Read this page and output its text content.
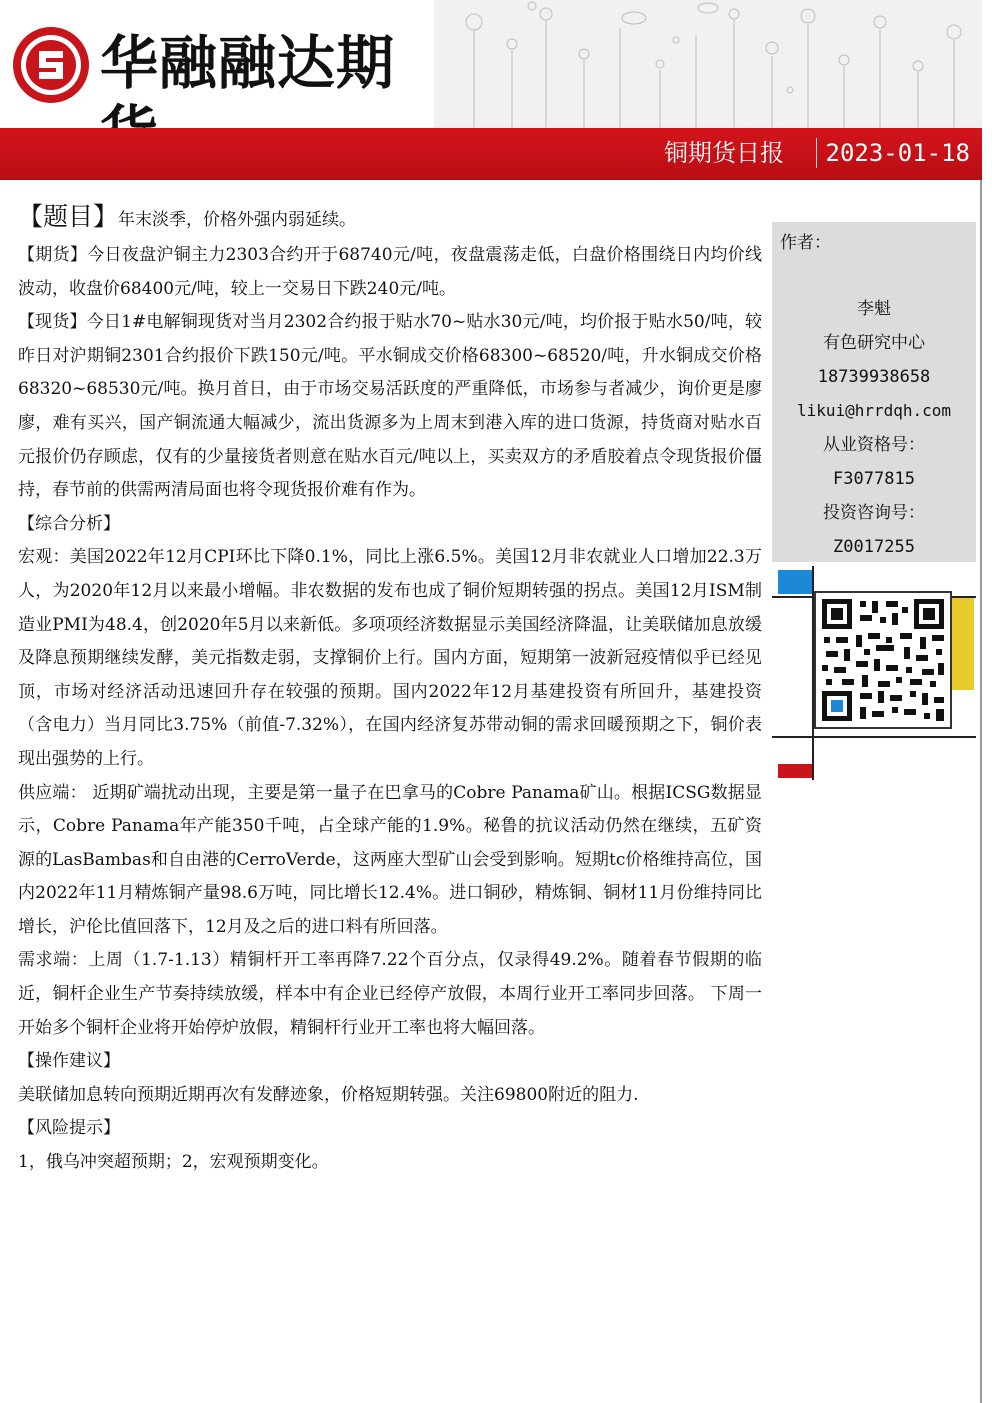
华融融达期
铜期货日报 2023-01-18

【题目】年末淡季，价格外强内弱延续。

【期货】今日夜盘沪铜主力2303合约开于68740元/吨，夜盘震荡走低，白盘价格围绕日内均价线波动，收盘价68400元/吨，较上一交易日下跌240元/吨。

【现货】今日1#电解铜现货对当月2302合约报于贴水70~贴水30元/吨，均价报于贴水50/吨，较昨日对沪期铜2301合约报价下跌150元/吨。平水铜成交价格68300~68520/吨，升水铜成交价格68320~68530元/吨。换月首日，由于市场交易活跃度的严重降低，市场参与者减少，询价更是廖廖，难有买兴，国产铜流通大幅减少，流出货源多为上周末到港入库的进口货源，持货商对贴水百元报价仍存顾虑，仅有的少量接货者则意在贴水百元/吨以上，买卖双方的矛盾胶着点令现货报价僵持，春节前的供需两清局面也将令现货报价难有作为。

【综合分析】

宏观：美国2022年12月CPI环比下降0.1%，同比上涨6.5%。美国12月非农就业人口增加22.3万人，为2020年12月以来最小增幅。非农数据的发布也成了铜价短期转强的拐点。美国12月ISM制造业PMI为48.4，创2020年5月以来新低。多项项经济数据显示美国经济降温，让美联储加息放缓及降息预期继续发酵，美元指数走弱，支撑铜价上行。国内方面，短期第一波新冠疫情似乎已经见顶，市场对经济活动迅速回升存在较强的预期。国内2022年12月基建投资有所回升，基建投资（含电力）当月同比3.75%（前值-7.32%），在国内经济复苏带动铜的需求回暖预期之下，铜价表现出强势的上行。

供应端： 近期矿端扰动出现，主要是第一量子在巴拿马的Cobre Panama矿山。根据ICSG数据显示，Cobre Panama年产能350千吨，占全球产能的1.9%。秘鲁的抗议活动仍然在继续，五矿资源的LasBambas和自由港的CerroVerde，这两座大型矿山会受到影响。短期tc价格维持高位，国内2022年11月精炼铜产量98.6万吨，同比增长12.4%。进口铜砂，精炼铜、铜材11月份维持同比增长，沪伦比值回落下，12月及之后的进口料有所回落。

需求端：上周（1.7-1.13）精铜杆开工率再降7.22个百分点，仅录得49.2%。随着春节假期的临近，铜杆企业生产节奏持续放缓，样本中有企业已经停产放假，本周行业开工率同步回落。 下周一开始多个铜杆企业将开始停炉放假，精铜杆行业开工率也将大幅回落。

【操作建议】

美联储加息转向预期近期再次有发酵迹象，价格短期转强。关注69800附近的阻力.

【风险提示】

1，俄乌冲突超预期；2，宏观预期变化。

作者：
李魁
有色研究中心
18739938658
likui@hrrdqh.com
从业资格号：
F3077815
投资咨询号：
Z0017255
